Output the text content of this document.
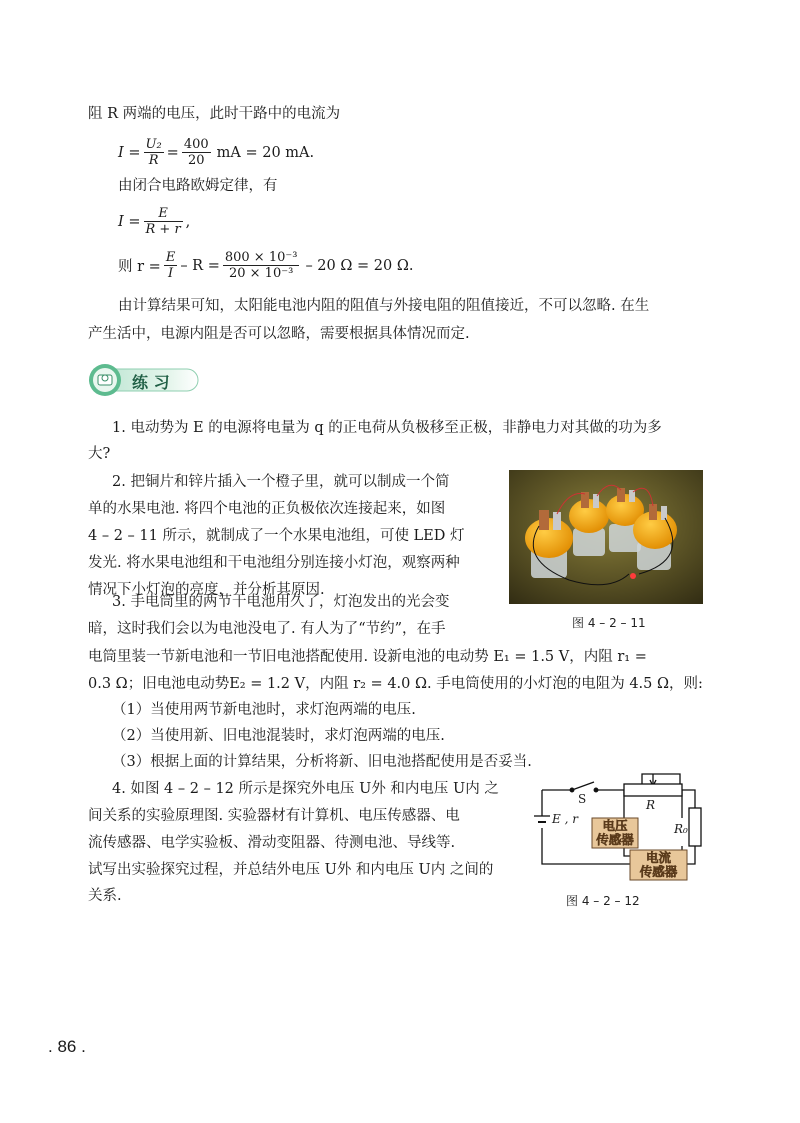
阻 R 两端的电压，此时干路中的电流为
$I = \frac{\text{U₂}}{R} = \frac{400}{20}$ mA = 20 mA.
由闭合电路欧姆定律，有
$I = \frac{E}{R + r}$ ,
则 $r = \frac{E}{I} - R = \frac{\text{800 × 10⁻³}}{\text{20 × 10⁻³}} - 20$ Ω = 20 Ω.
由计算结果可知，太阳能电池内阻的阻值与外接电阻的阻值接近，不可以忽略. 在生
产生活中，电源内阻是否可以忽略，需要根据具体情况而定.
练 习
1. 电动势为 E 的电源将电量为 q 的正电荷从负极移至正极，非静电力对其做的功为多
大?
2. 把铜片和锌片插入一个橙子里，就可以制成一个简
单的水果电池. 将四个电池的正负极依次连接起来，如图
4 – 2 – 11 所示，就制成了一个水果电池组，可使 LED 灯
发光. 将水果电池组和干电池组分别连接小灯泡，观察两种
情况下小灯泡的亮度，并分析其原因.
图 4 – 2 – 11
3. 手电筒里的两节干电池用久了，灯泡发出的光会变
暗，这时我们会以为电池没电了. 有人为了“节约”，在手
电筒里装一节新电池和一节旧电池搭配使用. 设新电池的电动势 E₁ = 1.5 V，内阻 r₁ =
0.3 Ω；旧电池电动势E₂ = 1.2 V，内阻 r₂ = 4.0 Ω. 手电筒使用的小灯泡的电阻为 4.5 Ω，则:
（1）当使用两节新电池时，求灯泡两端的电压.
（2）当使用新、旧电池混装时，求灯泡两端的电压.
（3）根据上面的计算结果，分析将新、旧电池搭配使用是否妥当.
4. 如图 4 – 2 – 12 所示是探究外电压 U外 和内电压 U内 之
间关系的实验原理图. 实验器材有计算机、电压传感器、电
流传感器、电学实验板、滑动变阻器、待测电池、导线等.
试写出实验探究过程，并总结外电压 U外 和内电压 U内 之间的
关系.
S
E , r
R
R₀
电压
传感器
电流
传感器
图 4 – 2 – 12
. 86 .
